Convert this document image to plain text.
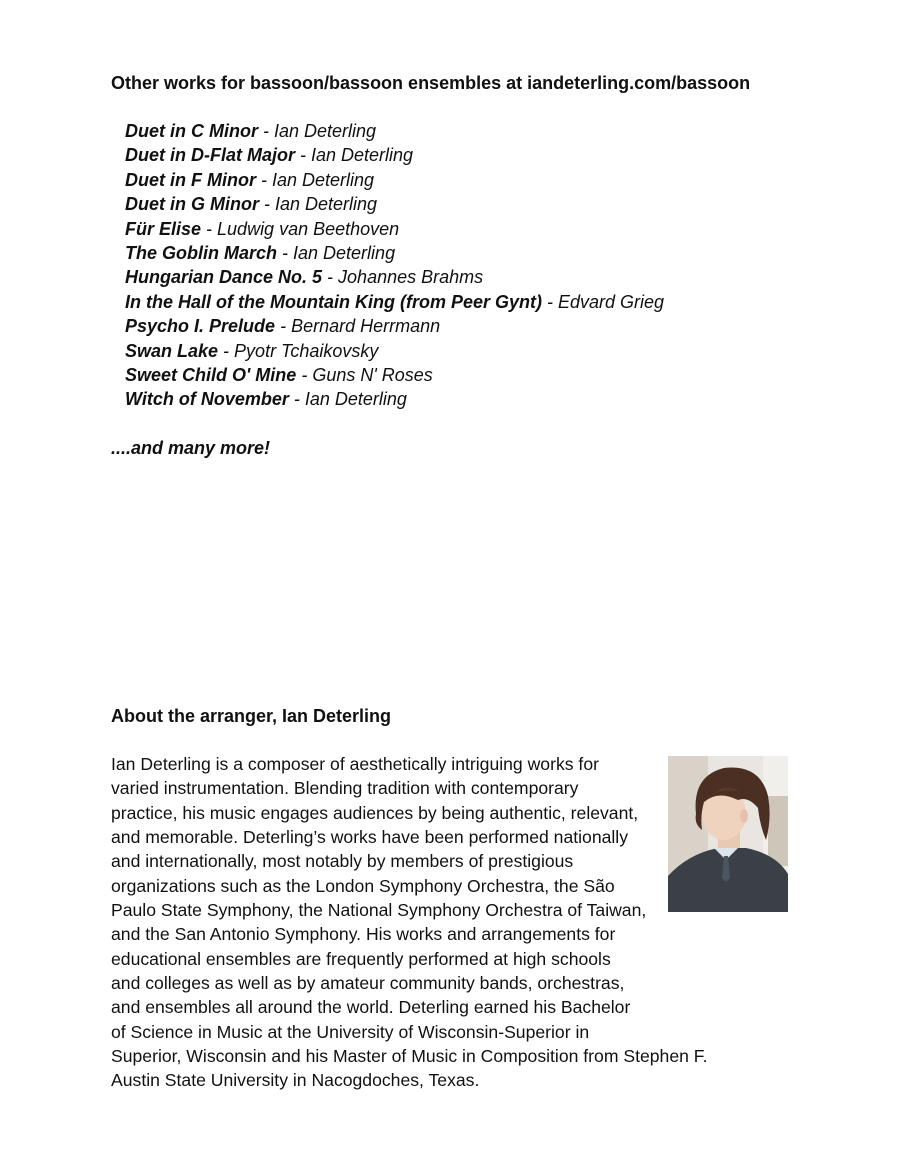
Other works for bassoon/bassoon ensembles at iandeterling.com/bassoon
Duet in C Minor - Ian Deterling
Duet in D-Flat Major - Ian Deterling
Duet in F Minor - Ian Deterling
Duet in G Minor - Ian Deterling
Für Elise - Ludwig van Beethoven
The Goblin March - Ian Deterling
Hungarian Dance No. 5 - Johannes Brahms
In the Hall of the Mountain King (from Peer Gynt) - Edvard Grieg
Psycho I. Prelude - Bernard Herrmann
Swan Lake - Pyotr Tchaikovsky
Sweet Child O' Mine - Guns N' Roses
Witch of November - Ian Deterling
....and many more!
About the arranger, Ian Deterling

Ian Deterling is a composer of aesthetically intriguing works for
varied instrumentation. Blending tradition with contemporary
practice, his music engages audiences by being authentic, relevant,
and memorable. Deterling’s works have been performed nationally
and internationally, most notably by members of prestigious
organizations such as the London Symphony Orchestra, the São
Paulo State Symphony, the National Symphony Orchestra of Taiwan,
and the San Antonio Symphony. His works and arrangements for
educational ensembles are frequently performed at high schools
and colleges as well as by amateur community bands, orchestras,
and ensembles all around the world. Deterling earned his Bachelor
of Science in Music at the University of Wisconsin-Superior in
Superior, Wisconsin and his Master of Music in Composition from Stephen F.
Austin State University in Nacogdoches, Texas.
